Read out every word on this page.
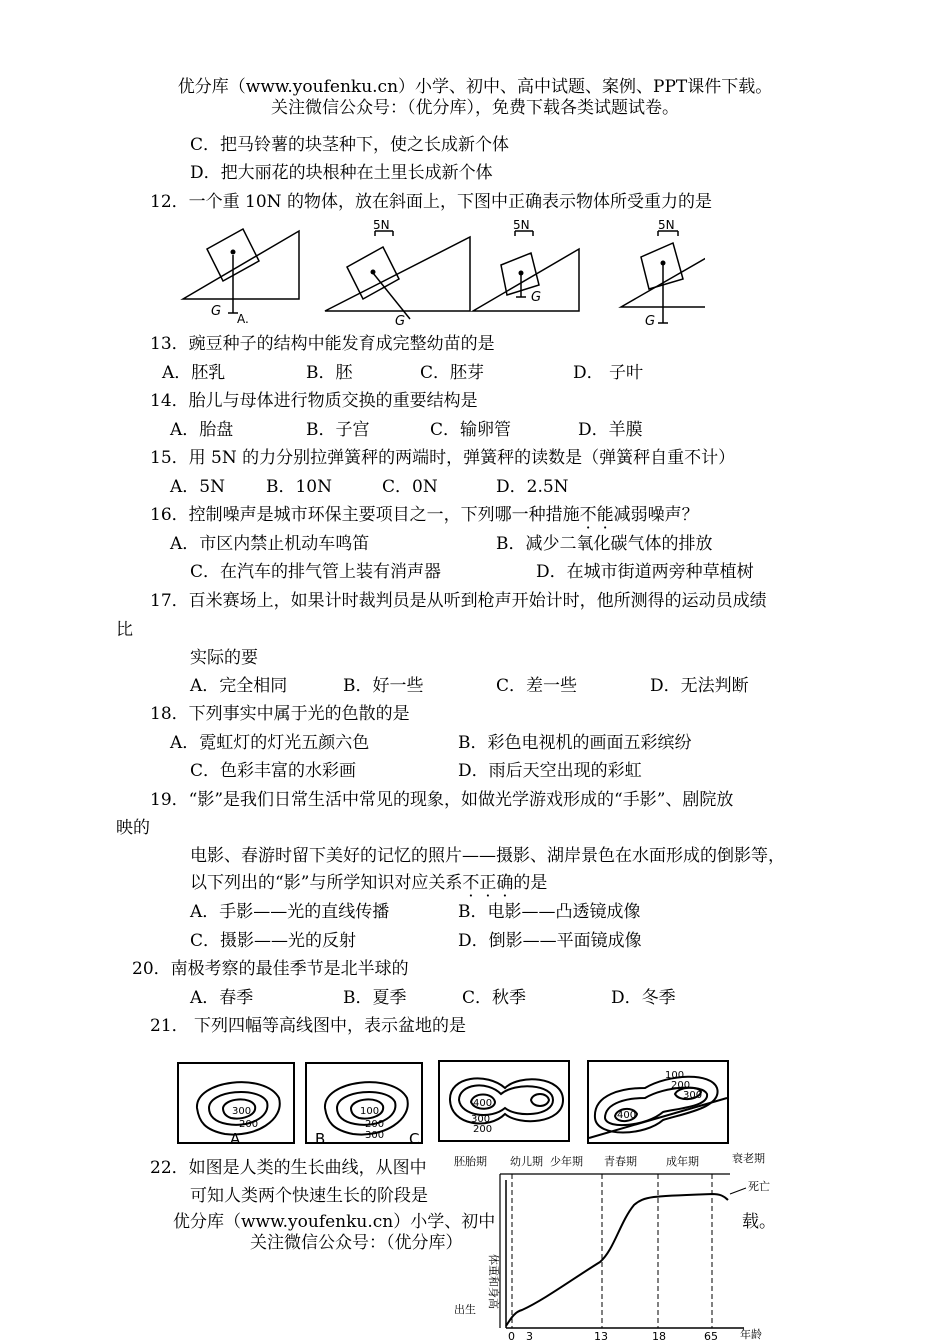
优分库（www.youfenku.cn）小学、初中、高中试题、案例、PPT课件下载。
关注微信公众号：（优分库），免费下载各类试题试卷。
C．把马铃薯的块茎种下，使之长成新个体
D．把大丽花的块根种在土里长成新个体
12．一个重 10N 的物体，放在斜面上，下图中正确表示物体所受重力的是
G A.
5N
G
5N
G
5N
G
13．豌豆种子的结构中能发育成完整幼苗的是
A．胚乳	B．胚	C．胚芽	D． 子叶
14．胎儿与母体进行物质交换的重要结构是
A．胎盘	B．子宫	C．输卵管	D．羊膜
15．用 5N 的力分别拉弹簧秤的两端时，弹簧秤的读数是（弹簧秤自重不计）
A．5N B．10N	C．0N	D．2.5N
16．控制噪声是城市环保主要项目之一，下列哪一种措施不能减弱噪声？
A．市区内禁止机动车鸣笛	B．减少二氧化碳气体的排放
C．在汽车的排气管上装有消声器	D．在城市街道两旁种草植树
17．百米赛场上，如果计时裁判员是从听到枪声开始计时，他所测得的运动员成绩
比
实际的要
A．完全相同	B．好一些	C．差一些	D．无法判断
18．下列事实中属于光的色散的是
A．霓虹灯的灯光五颜六色	B．彩色电视机的画面五彩缤纷
C．色彩丰富的水彩画	D．雨后天空出现的彩虹
19．“影”是我们日常生活中常见的现象，如做光学游戏形成的“手影”、剧院放
映的
电影、春游时留下美好的记忆的照片——摄影、湖岸景色在水面形成的倒影等，
以下列出的“影”与所学知识对应关系不正确的是
A．手影——光的直线传播	B．电影——凸透镜成像
C．摄影——光的反射	D．倒影——平面镜成像
20．南极考察的最佳季节是北半球的
A．春季	B．夏季	C．秋季	D．冬季
21． 下列四幅等高线图中，表示盆地的是
300
200
100
200
300
400
300
200
100
200
300
400
A.	B.	C.
22．如图是人类的生长曲线，从图中
可知人类两个快速生长的阶段是
胚胎期 幼儿期 少年期 青春期	成年期	衰老期
死亡
出生
年龄
体重和身高
0 3	13	18	65
优分库（www.youfenku.cn）小学、初中	载。
关注微信公众号：（优分库）
